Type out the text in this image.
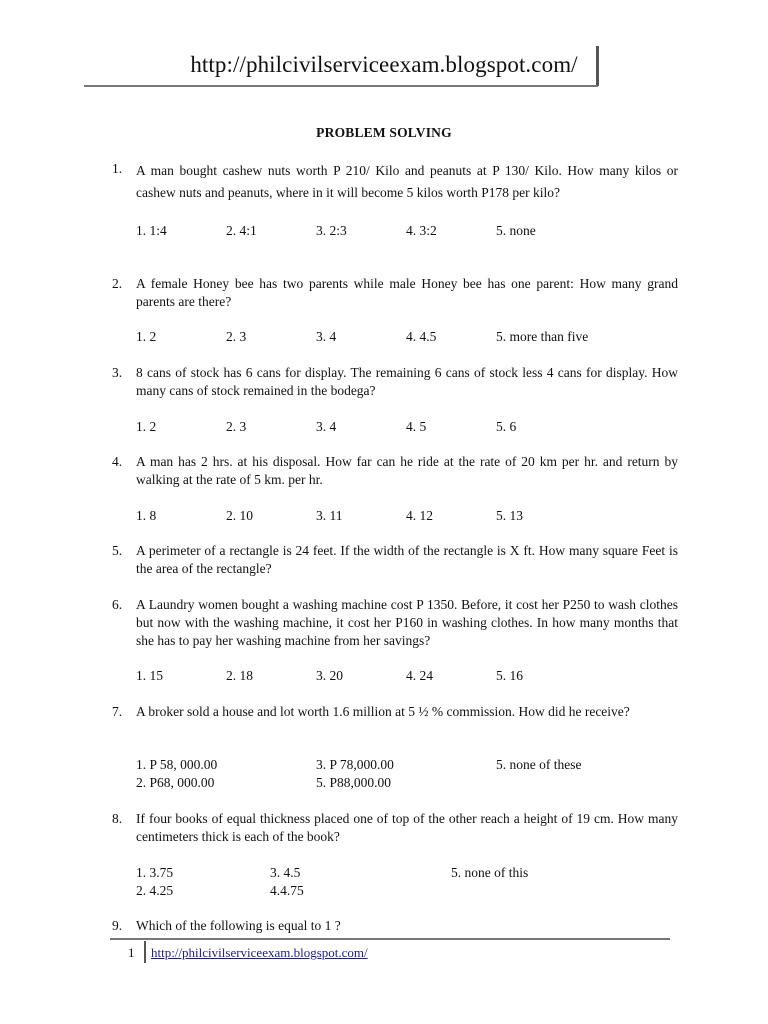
http://philcivilserviceexam.blogspot.com/
PROBLEM SOLVING
1. A man bought cashew nuts worth P 210/ Kilo and peanuts at P 130/ Kilo. How many kilos or cashew nuts and peanuts, where in it will become 5 kilos worth P178 per kilo?
1. 1:4	2. 4:1	3. 2:3	4. 3:2	5. none
2. A female Honey bee has two parents while male Honey bee has one parent: How many grand parents are there?
1. 2	2. 3	3. 4	4. 4.5	5. more than five
3. 8 cans of stock has 6 cans for display. The remaining 6 cans of stock less 4 cans for display. How many cans of stock remained in the bodega?
1. 2	2. 3	3. 4	4. 5	5. 6
4. A man has 2 hrs. at his disposal. How far can he ride at the rate of 20 km per hr. and return by walking at the rate of 5 km. per hr.
1. 8	2. 10	3. 11	4. 12	5. 13
5. A perimeter of a rectangle is 24 feet. If the width of the rectangle is X ft. How many square Feet is the area of the rectangle?
6. A Laundry women bought a washing machine cost P 1350. Before, it cost her P250 to wash clothes but now with the washing machine, it cost her P160 in washing clothes. In how many months that she has to pay her washing machine from her savings?
1. 15	2. 18	3. 20	4. 24	5. 16
7. A broker sold a house and lot worth 1.6 million at 5 ½ % commission. How did he receive?
1. P 58, 000.00	3. P 78,000.00	5. none of these
2. P68, 000.00	5. P88,000.00
8. If four books of equal thickness placed one of top of the other reach a height of 19 cm. How many centimeters thick is each of the book?
1. 3.75	3. 4.5	5. none of this
2. 4.25	4.4.75
9. Which of the following is equal to 1 ?
1 http://philcivilserviceexam.blogspot.com/
